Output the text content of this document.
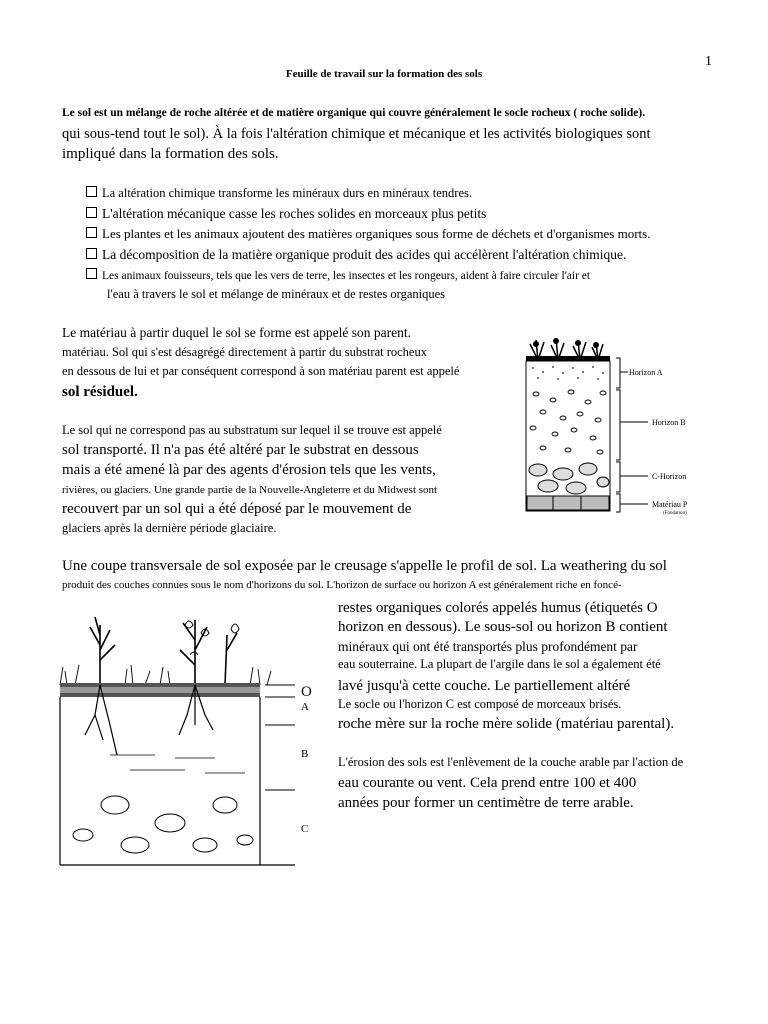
1
Feuille de travail sur la formation des sols
Le sol est un mélange de roche altérée et de matière organique qui couvre généralement le socle rocheux ( roche solide).
qui sous-tend tout le sol). À la fois l'altération chimique et mécanique et les activités biologiques sont
impliqué dans la formation des sols.
La altération chimique transforme les minéraux durs en minéraux tendres.
L'altération mécanique casse les roches solides en morceaux plus petits
Les plantes et les animaux ajoutent des matières organiques sous forme de déchets et d'organismes morts.
La décomposition de la matière organique produit des acides qui accélèrent l'altération chimique.
Les animaux fouisseurs, tels que les vers de terre, les insectes et les rongeurs, aident à faire circuler l'air et
l'eau à travers le sol et mélange de minéraux et de restes organiques
Le matériau à partir duquel le sol se forme est appelé son parent.
matériau. Sol qui s'est désagrégé directement à partir du substrat rocheux
en dessous de lui et par conséquent correspond à son matériau parent est appelé
sol résiduel.
Le sol qui ne correspond pas au substratum sur lequel il se trouve est appelé
sol transporté. Il n'a pas été altéré par le substrat en dessous
mais a été amené là par des agents d'érosion tels que les vents,
rivières, ou glaciers. Une grande partie de la Nouvelle-Angleterre et du Midwest sont
recouvert par un sol qui a été déposé par le mouvement de
glaciers après la dernière période glaciaire.
Horizon A
Horizon B
C-Horizon
Matériau P
(Fondation)
Une coupe transversale de sol exposée par le creusage s'appelle le profil de sol. La weathering du sol
produit des couches connues sous le nom d'horizons du sol. L'horizon de surface ou horizon A est généralement riche en foncé-
restes organiques colorés appelés humus (étiquetés O
horizon en dessous). Le sous-sol ou horizon B contient
minéraux qui ont été transportés plus profondément par
eau souterraine. La plupart de l'argile dans le sol a également été
lavé jusqu'à cette couche. Le partiellement altéré
Le socle ou l'horizon C est composé de morceaux brisés.
roche mère sur la roche mère solide (matériau parental).
L'érosion des sols est l'enlèvement de la couche arable par l'action de
eau courante ou vent. Cela prend entre 100 et 400
années pour former un centimètre de terre arable.
O
A
B
C
